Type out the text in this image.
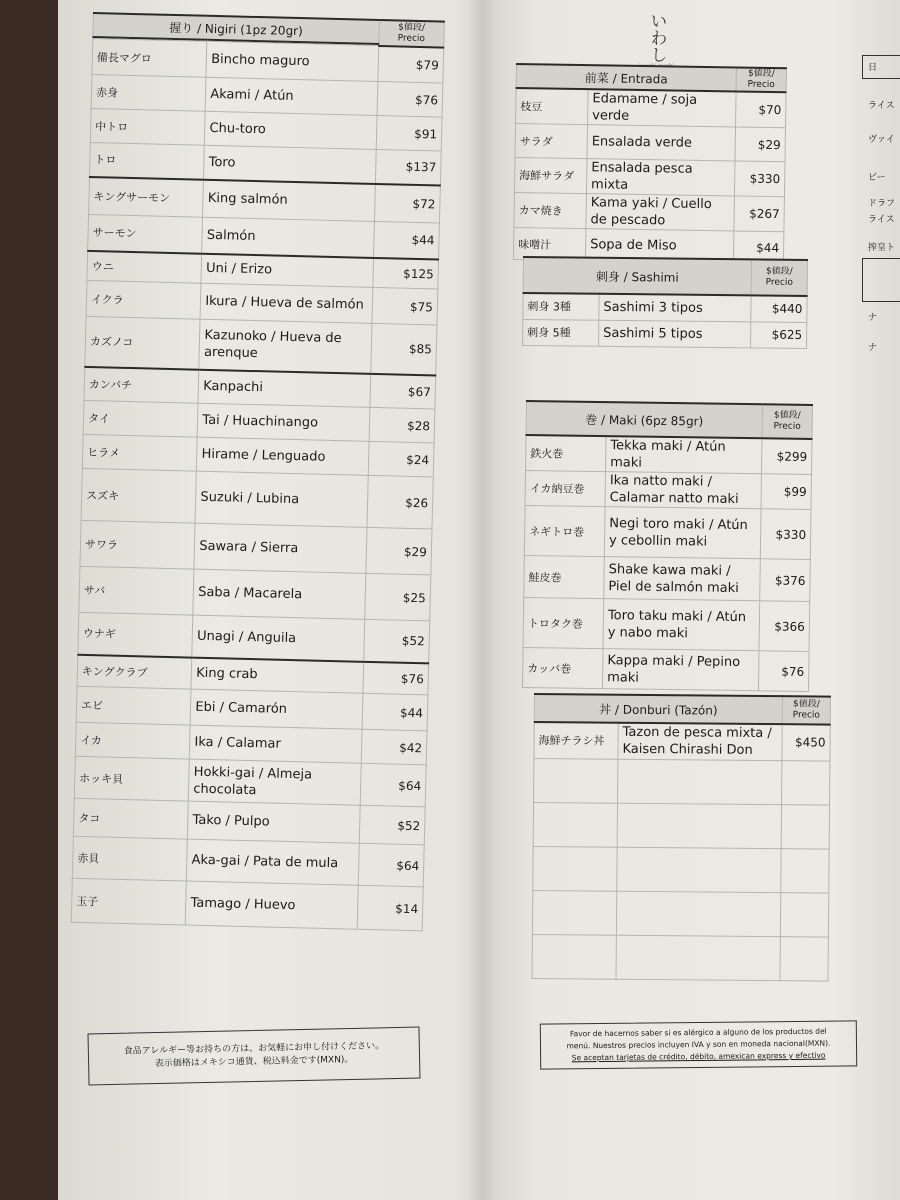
握り / Nigiri (1pz 20gr)		$値段/ Precio

備長マグロ	Bincho maguro	$79
赤身	Akami / Atún	$76
中トロ	Chu-toro	$91
トロ	Toro	$137
キングサーモン	King salmón	$72
サーモン	Salmón	$44
ウニ	Uni / Erizo	$125
イクラ	Ikura / Hueva de salmón	$75
カズノコ	Kazunoko / Hueva de arenque	$85
カンパチ	Kanpachi	$67
タイ	Tai / Huachinango	$28
ヒラメ	Hirame / Lenguado	$24
スズキ	Suzuki / Lubina	$26
サワラ	Sawara / Sierra	$29
サバ	Saba / Macarela	$25
ウナギ	Unagi / Anguila	$52
キングクラブ	King crab	$76
エビ	Ebi / Camarón	$44
イカ	Ika / Calamar	$42
ホッキ貝	Hokki-gai / Almeja chocolata	$64
タコ	Tako / Pulpo	$52
赤貝	Aka-gai / Pata de mula	$64
玉子	Tamago / Huevo	$14
いわし
前菜 / Entrada		$値段/ Precio
枝豆	Edamame / soja verde	$70
サラダ	Ensalada verde	$29
海鮮サラダ	Ensalada pesca mixta	$330
カマ焼き	Kama yaki / Cuello de pescado	$267
味噌汁	Sopa de Miso	$44
刺身 / Sashimi		$値段/ Precio
刺身 3種	Sashimi 3 tipos	$440
刺身 5種	Sashimi 5 tipos	$625
巻 / Maki (6pz 85gr)		$値段/ Precio
鉄火巻	Tekka maki / Atún maki	$299
イカ納豆巻	Ika natto maki / Calamar natto maki	$99
ネギトロ巻	Negi toro maki / Atún y cebollin maki	$330
鮭皮巻	Shake kawa maki / Piel de salmón maki	$376
トロタク巻	Toro taku maki / Atún y nabo maki	$366
カッパ巻	Kappa maki / Pepino maki	$76
丼 / Donburi (Tazón)		$値段/ Precio
海鮮チラシ丼	Tazon de pesca mixta / Kaisen Chirashi Don	$450

食品アレルギー等お持ちの方は、お気軽にお申し付けください。
表示価格はメキシコ通貨、税込料金です(MXN)。
Favor de hacernos saber si es alérgico a alguno de los productos del
menú. Nuestros precios incluyen IVA y son en moneda nacional(MXN).
Se aceptan tarjetas de crédito, débito, amexican express y efectivo
日
ライス
ヴァイ
ビー
ドラフ
ライス
搾皇ト
ナ
ナ
